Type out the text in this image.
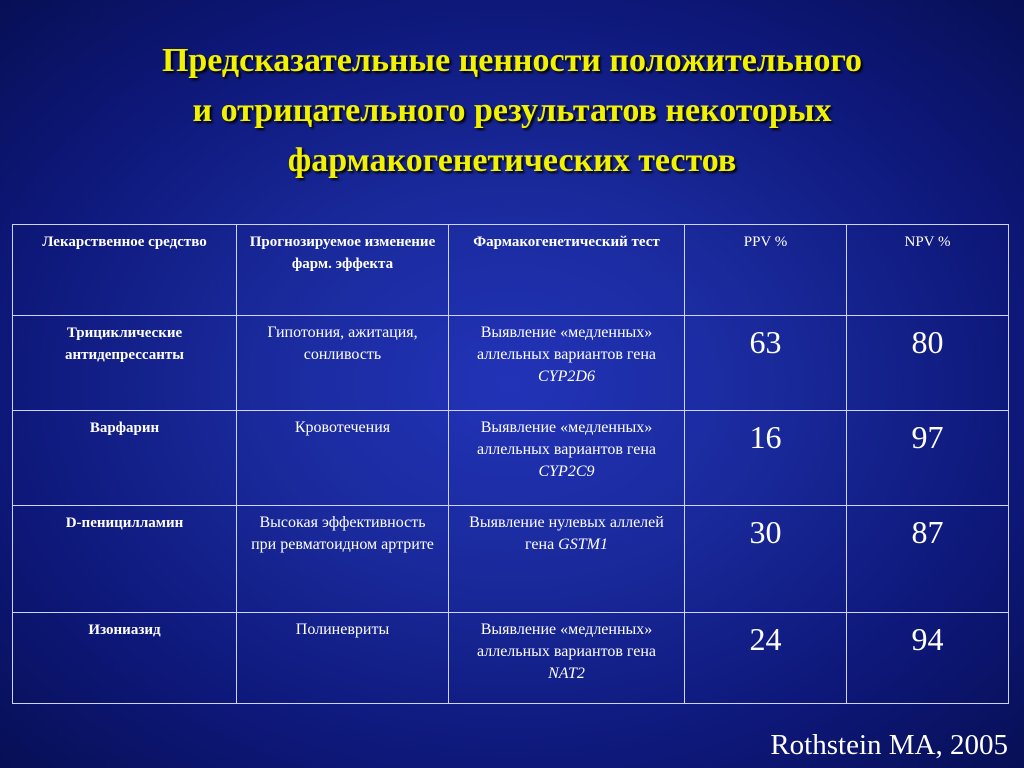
Предсказательные ценности положительного
и отрицательного результатов некоторых
фармакогенетических тестов
Лекарственное средство	Прогнозируемое изменение фарм. эффекта	Фармакогенетический тест	PPV %	NPV %
Трициклические антидепрессанты	Гипотония, ажитация, сонливость	Выявление «медленных» аллельных вариантов гена CYP2D6	63	80
Варфарин	Кровотечения	Выявление «медленных» аллельных вариантов гена CYP2C9	16	97
D-пеницилламин	Высокая эффективность при ревматоидном артрите	Выявление нулевых аллелей гена GSTM1	30	87
Изониазид	Полиневриты	Выявление «медленных» аллельных вариантов гена NAT2	24	94
Rothstein MA, 2005
